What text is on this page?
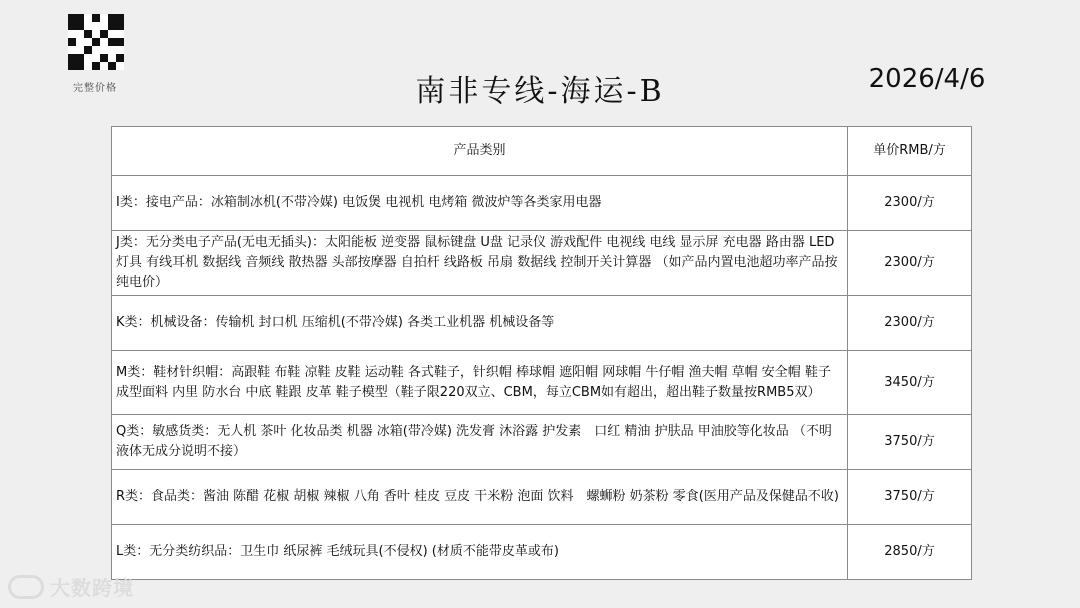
完整价格	南非专线-海运-B	2026/4/6
产品类别	单价RMB/方
I类：接电产品：冰箱制冰机(不带冷媒) 电饭煲 电视机 电烤箱 微波炉等各类家用电器	2300/方
J类：无分类电子产品(无电无插头)：太阳能板 逆变器 鼠标键盘 U盘 记录仪 游戏配件 电视线 电线 显示屏 充电器 路由器 LED灯具 有线耳机 数据线 音频线 散热器 头部按摩器 自拍杆 线路板 吊扇 数据线 控制开关计算器 （如产品内置电池超功率产品按纯电价）	2300/方
K类：机械设备：传输机 封口机 压缩机(不带冷媒) 各类工业机器 机械设备等	2300/方
M类：鞋材针织帽：高跟鞋 布鞋 凉鞋 皮鞋 运动鞋 各式鞋子，针织帽 棒球帽 遮阳帽 网球帽 牛仔帽 渔夫帽 草帽 安全帽 鞋子成型面料 内里 防水台 中底 鞋跟 皮革 鞋子模型（鞋子限220双立、CBM，每立CBM如有超出，超出鞋子数量按RMB5双）	3450/方
Q类：敏感货类：无人机 茶叶 化妆品类 机器 冰箱(带冷媒) 洗发膏 沐浴露 护发素　口红 精油 护肤品 甲油胶等化妆品 （不明液体无成分说明不接）	3750/方
R类：食品类：酱油 陈醋 花椒 胡椒 辣椒 八角 香叶 桂皮 豆皮 干米粉 泡面 饮料　螺蛳粉 奶茶粉 零食(医用产品及保健品不收)	3750/方
L类：无分类纺织品：卫生巾 纸尿裤 毛绒玩具(不侵权) (材质不能带皮革或布)	2850/方
大数跨境
